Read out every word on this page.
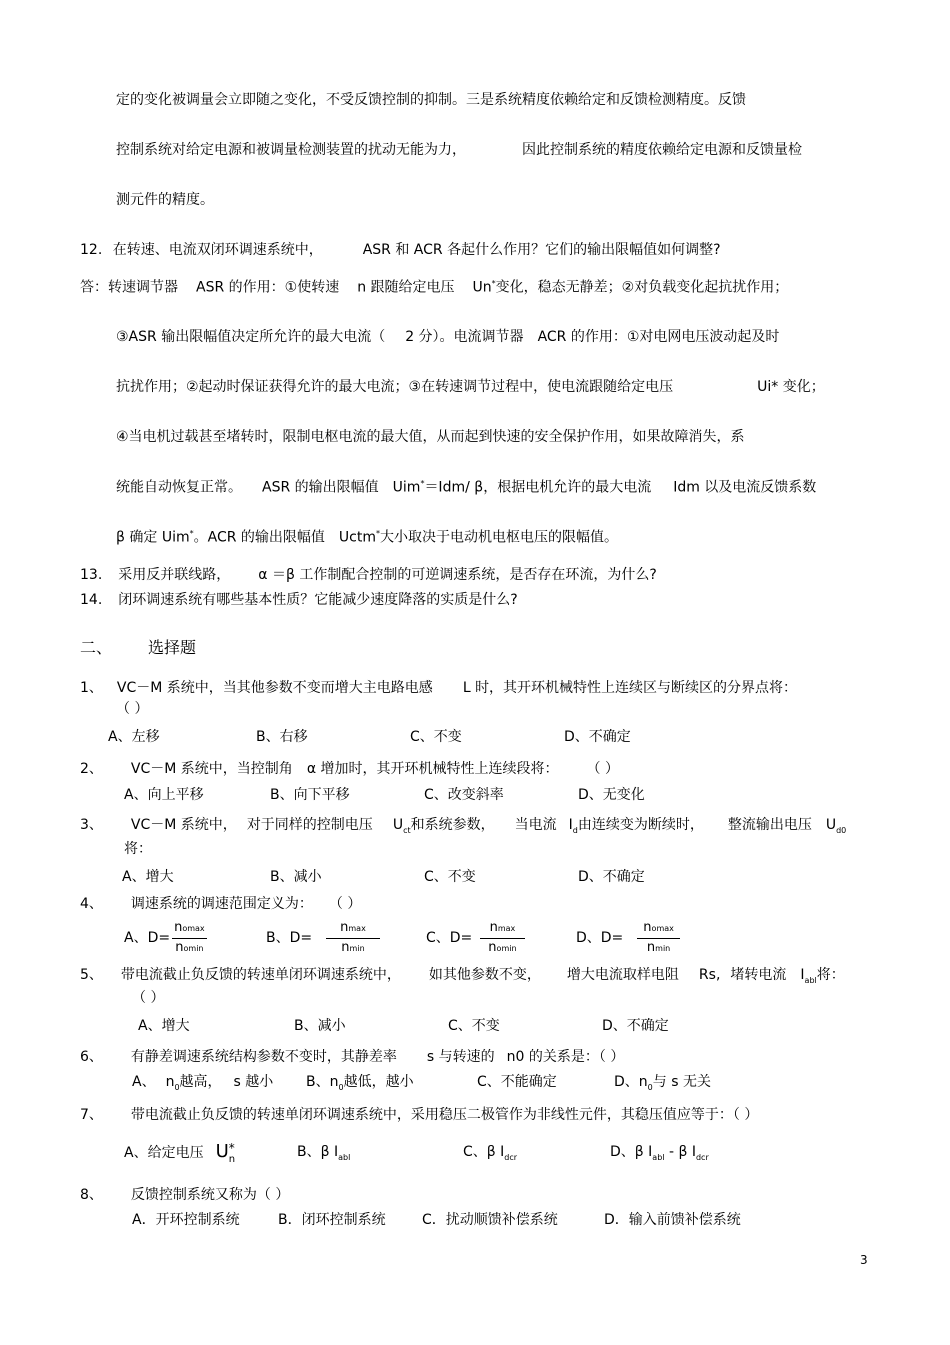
定的变化被调量会立即随之变化，不受反馈控制的抑制。三是系统精度依赖给定和反馈检测精度。反馈
控制系统对给定电源和被调量检测装置的扰动无能为力，	因此控制系统的精度依赖给定电源和反馈量检
测元件的精度。
12. 在转速、电流双闭环调速系统中，	ASR 和 ACR 各起什么作用？它们的输出限幅值如何调整?
答：转速调节器 ASR 的作用：①使转速 n 跟随给定电压 Un*变化，稳态无静差；②对负载变化起抗扰作用；
③ASR 输出限幅值决定所允许的最大电流（ 2 分）。电流调节器 ACR 的作用：①对电网电压波动起及时
抗扰作用；②起动时保证获得允许的最大电流；③在转速调节过程中，使电流跟随给定电压	Ui* 变化；
④当电机过载甚至堵转时，限制电枢电流的最大值，从而起到快速的安全保护作用，如果故障消失，系
统能自动恢复正常。 ASR 的输出限幅值 Uim*＝Idm/ β，根据电机允许的最大电流 Idm 以及电流反馈系数
β 确定 Uim*。ACR 的输出限幅值 Uctm*大小取决于电动机电枢电压的限幅值。
13. 采用反并联线路， α ＝β 工作制配合控制的可逆调速系统，是否存在环流，为什么?
14. 闭环调速系统有哪些基本性质？它能减少速度降落的实质是什么?
二、 选择题
1、 VC－M 系统中，当其他参数不变而增大主电路电感 L 时，其开环机械特性上连续区与断续区的分界点将：
（ ）
A、左移	B、右移	C、不变	D、不确定
2、 VC－M 系统中，当控制角 α 增加时，其开环机械特性上连续段将： （ ）
A、向上平移	B、向下平移	C、改变斜率	D、无变化
3、 VC－M 系统中， 对于同样的控制电压 $U_{ct}$和系统参数， 当电流 $I_d$由连续变为断续时， 整流输出电压 $U_{d0}$
将：
A、增大	B、减小	C、不变	D、不确定
4、 调速系统的调速范围定义为： （ ）
A、$D= \frac{nomax}{nomin}$	B、$D= \frac{nmax}{nmin}$	C、$D= \frac{nmax}{nomin}$	D、$D= \frac{nomax}{nmin}$
5、 带电流截止负反馈的转速单闭环调速系统中， 如其他参数不变， 增大电流取样电阻 Rs, 堵转电流 $I_{abl}$将：
（ ）
A、增大	B、减小	C、不变	D、不确定
6、 有静差调速系统结构参数不变时，其静差率 s 与转速的 n0 的关系是：（ ）
A、 $n_0$越高， s 越小 B、$n_0$越低，越小	C、不能确定	D、$n_0$与 s 无关
7、 带电流截止负反馈的转速单闭环调速系统中，采用稳压二极管作为非线性元件，其稳压值应等于：（ ）
A、给定电压 U *
n	B、β $I_{abl}$	C、β $I_{dcr}$	D、β $I_{abl}$ - β $I_{dcr}$
8、 反馈控制系统又称为（ ）
A．开环控制系统	B．闭环控制系统	C．扰动顺馈补偿系统	D．输入前馈补偿系统
3
